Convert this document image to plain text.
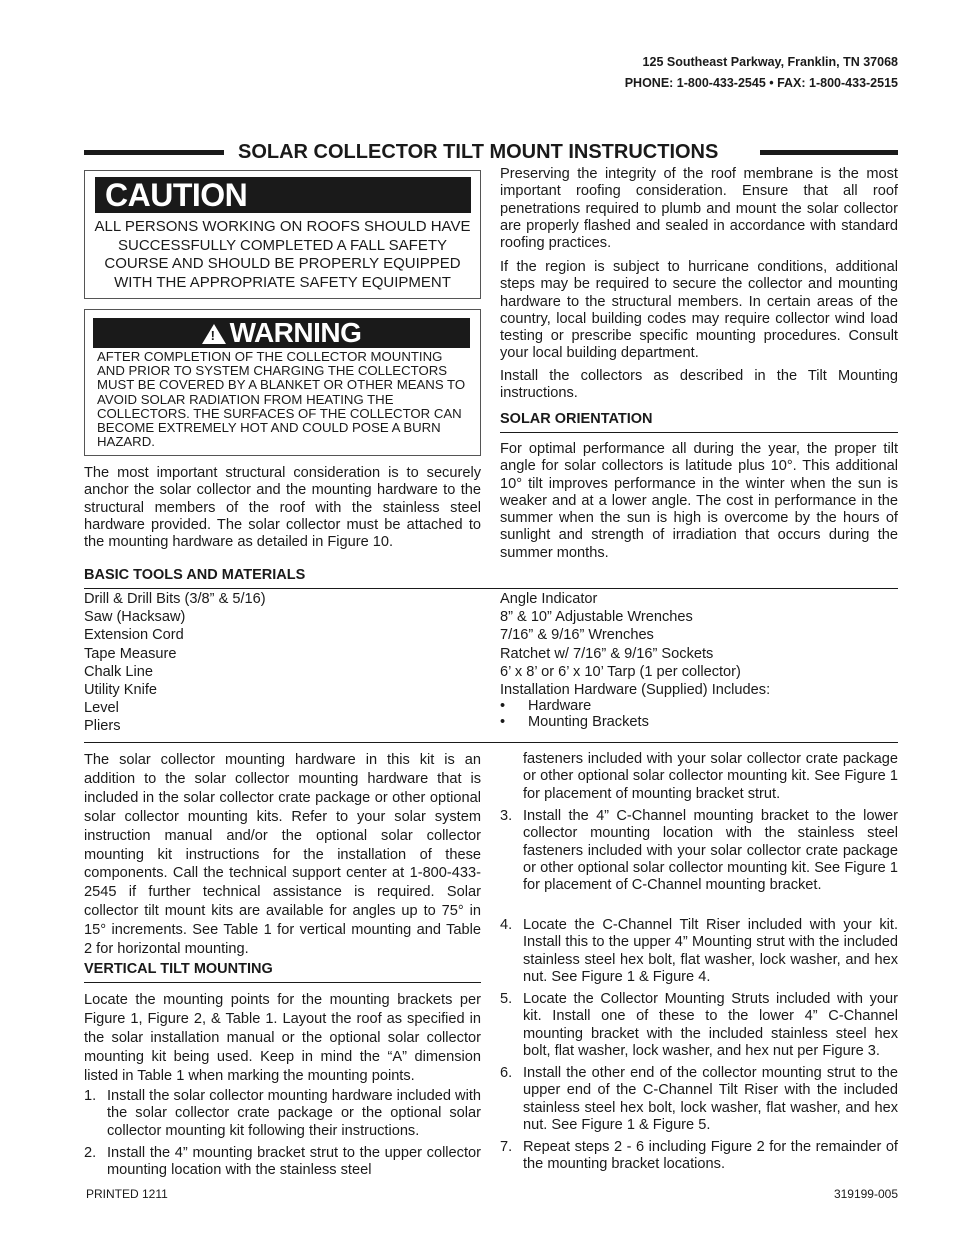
125 Southeast Parkway, Franklin, TN 37068
PHONE: 1-800-433-2545 • FAX: 1-800-433-2515
SOLAR COLLECTOR TILT MOUNT INSTRUCTIONS
CAUTION
ALL PERSONS WORKING ON ROOFS SHOULD HAVE SUCCESSFULLY COMPLETED A FALL SAFETY COURSE AND SHOULD BE PROPERLY EQUIPPED WITH THE APPROPRIATE SAFETY EQUIPMENT
! WARNING
AFTER COMPLETION OF THE COLLECTOR MOUNTING AND PRIOR TO SYSTEM CHARGING THE COLLECTORS MUST BE COVERED BY A BLANKET OR OTHER MEANS TO AVOID SOLAR RADIATION FROM HEATING THE COLLECTORS. THE SURFACES OF THE COLLECTOR CAN BECOME EXTREMELY HOT AND COULD POSE A BURN HAZARD.
The most important structural consideration is to securely anchor the solar collector and the mounting hardware to the structural members of the roof with the stainless steel hardware provided. The solar collector must be attached to the mounting hardware as detailed in Figure 10.
Preserving the integrity of the roof membrane is the most important roofing consideration. Ensure that all roof penetrations required to plumb and mount the solar collector are properly flashed and sealed in accordance with standard roofing practices.
If the region is subject to hurricane conditions, additional steps may be required to secure the collector and mounting hardware to the structural members. In certain areas of the country, local building codes may require collector wind load testing or prescribe specific mounting procedures. Consult your local building department.
Install the collectors as described in the Tilt Mounting instructions.
SOLAR ORIENTATION
For optimal performance all during the year, the proper tilt angle for solar collectors is latitude plus 10°. This additional 10° tilt improves performance in the winter when the sun is weaker and at a lower angle. The cost in performance in the summer when the sun is high is overcome by the hours of sunlight and strength of irradiation that occurs during the summer months.
BASIC TOOLS AND MATERIALS
Drill & Drill Bits (3/8” & 5/16)
Saw (Hacksaw)
Extension Cord
Tape Measure
Chalk Line
Utility Knife
Level
Pliers
Angle Indicator
8” & 10” Adjustable Wrenches
7/16” & 9/16” Wrenches
Ratchet w/ 7/16” & 9/16” Sockets
6’ x 8’ or 6’ x 10’ Tarp (1 per collector)
Installation Hardware (Supplied) Includes:
• Hardware
• Mounting Brackets
The solar collector mounting hardware in this kit is an addition to the solar collector mounting hardware that is included in the solar collector crate package or other optional solar collector mounting kits. Refer to your solar system instruction manual and/or the optional solar collector mounting kit instructions for the installation of these components. Call the technical support center at 1-800-433-2545 if further technical assistance is required. Solar collector tilt mount kits are available for angles up to 75° in 15° increments. See Table 1 for vertical mounting and Table 2 for horizontal mounting.
VERTICAL TILT MOUNTING
Locate the mounting points for the mounting brackets per Figure 1, Figure 2, & Table 1. Layout the roof as specified in the solar installation manual or the optional solar collector mounting kit being used. Keep in mind the “A” dimension listed in Table 1 when marking the mounting points.
1. Install the solar collector mounting hardware included with the solar collector crate package or the optional solar collector mounting kit following their instructions.
2. Install the 4” mounting bracket strut to the upper collector mounting location with the stainless steel
fasteners included with your solar collector crate package or other optional solar collector mounting kit. See Figure 1 for placement of mounting bracket strut.
3. Install the 4” C-Channel mounting bracket to the lower collector mounting location with the stainless steel fasteners included with your solar collector crate package or other optional solar collector mounting kit. See Figure 1 for placement of C-Channel mounting bracket.
4. Locate the C-Channel Tilt Riser included with your kit. Install this to the upper 4” Mounting strut with the included stainless steel hex bolt, flat washer, lock washer, and hex nut. See Figure 1 & Figure 4.
5. Locate the Collector Mounting Struts included with your kit. Install one of these to the lower 4” C-Channel mounting bracket with the included stainless steel hex bolt, flat washer, lock washer, and hex nut per Figure 3.
6. Install the other end of the collector mounting strut to the upper end of the C-Channel Tilt Riser with the included stainless steel hex bolt, lock washer, flat washer, and hex nut. See Figure 1 & Figure 5.
7. Repeat steps 2 - 6 including Figure 2 for the remainder of the mounting bracket locations.
PRINTED 1211	319199-005
